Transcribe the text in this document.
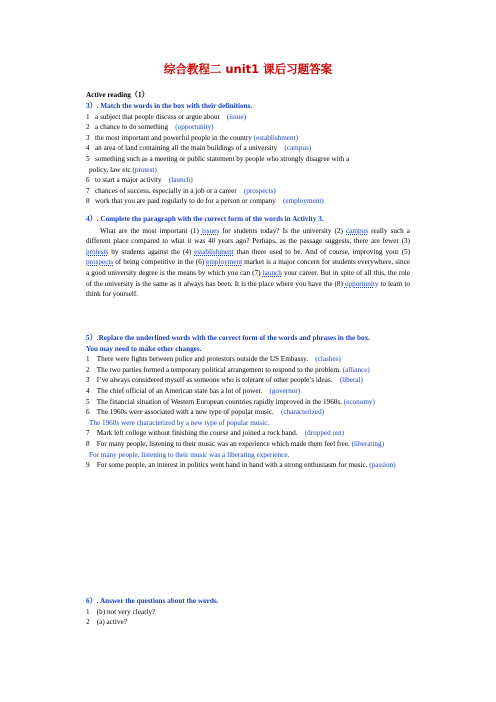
综合教程二 unit1 课后习题答案
Active reading（1）

3）. Match the words in the box with their definitions.

1 a subject that people discuss or argue about (issue)

2 a chance to do something (opportunity)

3 the most important and powerful people in the country (establishment)

4 an area of land containing all the main buildings of a university (campus)

5 something such as a meeting or public statement by people who strongly disagree with a

policy, law etc (protest)

6 to start a major activity (launch)

7 chances of success, especially in a job or a career (prospects)

8 work that you are paid regularly to do for a person or company (employment)

4）. Complete the paragraph with the correct form of the words in Activity 3.

What are the most important (1) issues for students today? Is the university (2) campus really such a different place compared to what it was 40 years ago? Perhaps, as the passage suggests, there are fewer (3) protests by students against the (4) establishment than there used to be. And of course, improving your (5) prospects of being competitive in the (6) employment market is a major concern for students everywhere, since a good university degree is the means by which you can (7) launch your career. But in spite of all this, the role of the university is the same as it always has been. It is the place where you have the (8) opportunity to learn to think for yourself.

5）.Replace the underlined words with the correct form of the words and phrases in the box.

You may need to make other changes.

1　There were fights between police and protestors outside the US Embassy. (clashes)

2　The two parties formed a temporary political arrangement to respond to the problem. (alliance)

3　I’ve always considered myself as someone who is tolerant of other people’s ideas. (liberal)

4　The chief official of an American state has a lot of power. (governor)

5　The financial situation of Western European countries rapidly improved in the 1960s. (economy)

6　The 1960s were associated with a new type of popular music. (characterized)

The 1960s were characterized by a new type of popular music.

7　Mark left college without finishing the course and joined a rock band. (dropped out)

8　For many people, listening to their music was an experience which made them feel free. (liberating)

For many people, listening to their music was a liberating experience.

9　For some people, an interest in politics went hand in hand with a strong enthusiasm for music. (passion)

6）. Answer the questions about the words.

1　(b) not very clearly?

2　(a) active?
